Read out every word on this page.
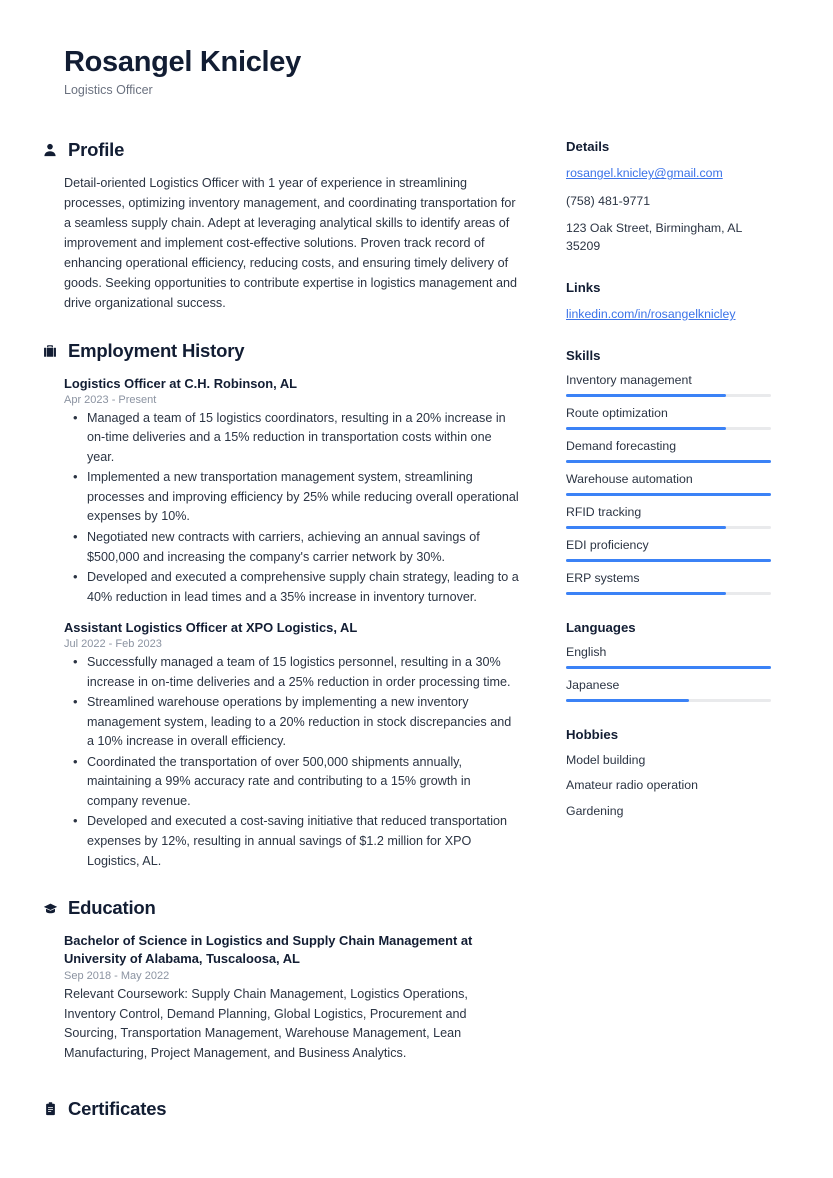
Rosangel Knicley
Logistics Officer
Profile
Detail-oriented Logistics Officer with 1 year of experience in streamlining processes, optimizing inventory management, and coordinating transportation for a seamless supply chain. Adept at leveraging analytical skills to identify areas of improvement and implement cost-effective solutions. Proven track record of enhancing operational efficiency, reducing costs, and ensuring timely delivery of goods. Seeking opportunities to contribute expertise in logistics management and drive organizational success.
Employment History
Logistics Officer at C.H. Robinson, AL
Apr 2023 - Present
• Managed a team of 15 logistics coordinators, resulting in a 20% increase in on-time deliveries and a 15% reduction in transportation costs within one year.
• Implemented a new transportation management system, streamlining processes and improving efficiency by 25% while reducing overall operational expenses by 10%.
• Negotiated new contracts with carriers, achieving an annual savings of $500,000 and increasing the company's carrier network by 30%.
• Developed and executed a comprehensive supply chain strategy, leading to a 40% reduction in lead times and a 35% increase in inventory turnover.
Assistant Logistics Officer at XPO Logistics, AL
Jul 2022 - Feb 2023
• Successfully managed a team of 15 logistics personnel, resulting in a 30% increase in on-time deliveries and a 25% reduction in order processing time.
• Streamlined warehouse operations by implementing a new inventory management system, leading to a 20% reduction in stock discrepancies and a 10% increase in overall efficiency.
• Coordinated the transportation of over 500,000 shipments annually, maintaining a 99% accuracy rate and contributing to a 15% growth in company revenue.
• Developed and executed a cost-saving initiative that reduced transportation expenses by 12%, resulting in annual savings of $1.2 million for XPO Logistics, AL.
Education
Bachelor of Science in Logistics and Supply Chain Management at University of Alabama, Tuscaloosa, AL
Sep 2018 - May 2022
Relevant Coursework: Supply Chain Management, Logistics Operations, Inventory Control, Demand Planning, Global Logistics, Procurement and Sourcing, Transportation Management, Warehouse Management, Lean Manufacturing, Project Management, and Business Analytics.
Certificates
Details
rosangel.knicley@gmail.com
(758) 481-9771
123 Oak Street, Birmingham, AL 35209
Links
linkedin.com/in/rosangelknicley
Skills
Inventory management
Route optimization
Demand forecasting
Warehouse automation
RFID tracking
EDI proficiency
ERP systems
Languages
English
Japanese
Hobbies
Model building
Amateur radio operation
Gardening
